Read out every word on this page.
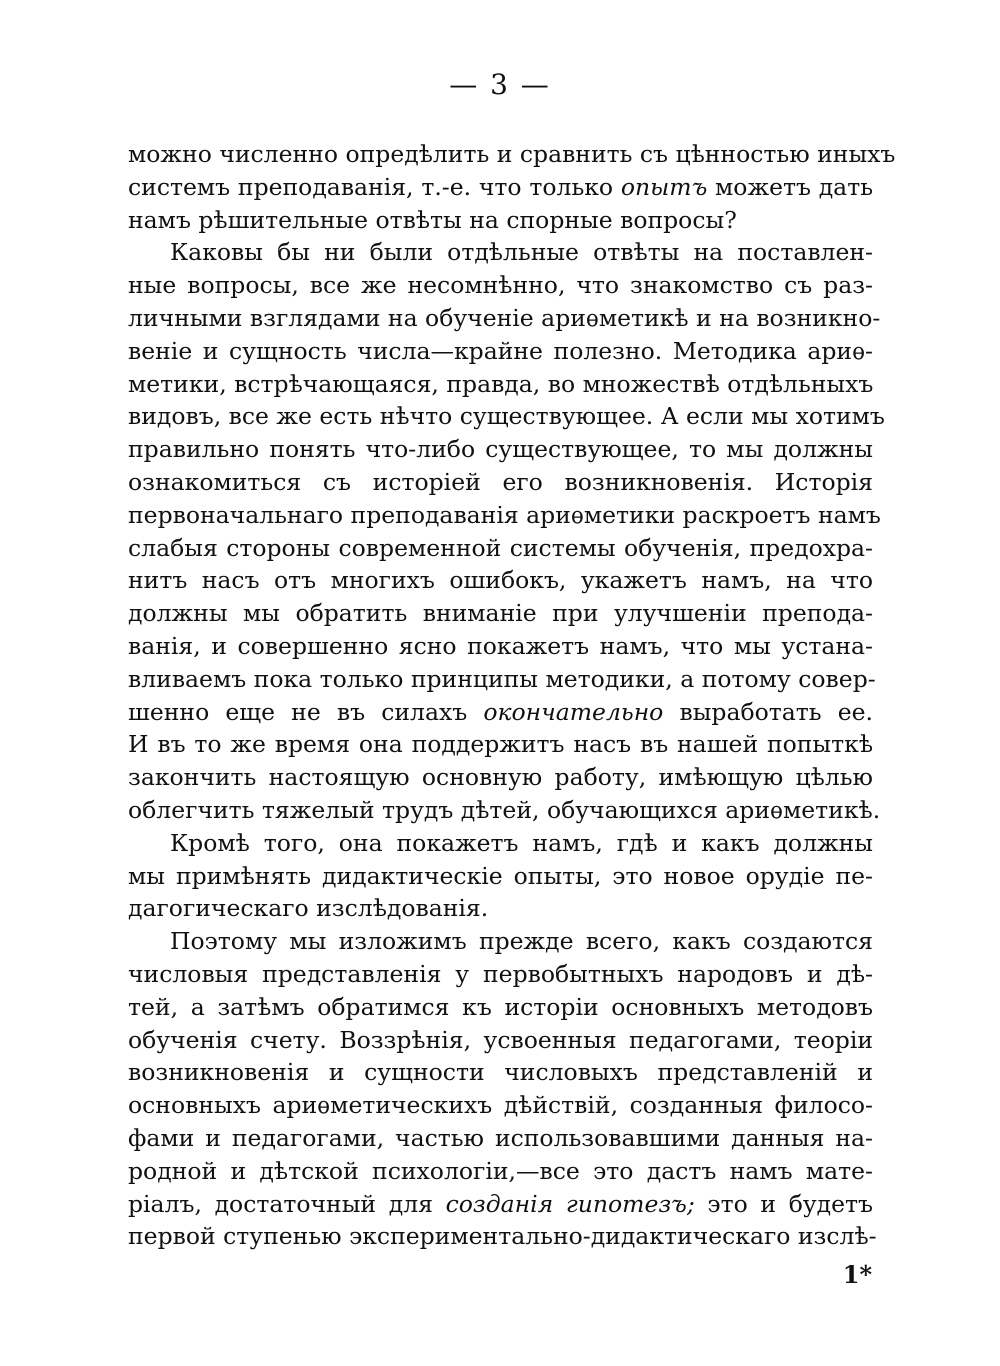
— 3 —
можно численно опредѣлить и сравнить съ цѣнностью иныхъ
системъ преподаванія, т.-е. что только опытъ можетъ дать
намъ рѣшительные отвѣты на спорные вопросы?
Каковы бы ни были отдѣльные отвѣты на поставлен-
ные вопросы, все же несомнѣнно, что знакомство съ раз-
личными взглядами на обученіе ариѳметикѣ и на возникно-
веніе и сущность числа—крайне полезно. Методика ариѳ-
метики, встрѣчающаяся, правда, во множествѣ отдѣльныхъ
видовъ, все же есть нѣчто существующее. А если мы хотимъ
правильно понять что-либо существующее, то мы должны
ознакомиться съ исторіей его возникновенія. Исторія
первоначальнаго преподаванія ариѳметики раскроетъ намъ
слабыя стороны современной системы обученія, предохра-
нитъ насъ отъ многихъ ошибокъ, укажетъ намъ, на что
должны мы обратить вниманіе при улучшеніи препода-
ванія, и совершенно ясно покажетъ намъ, что мы устана-
вливаемъ пока только принципы методики, а потому совер-
шенно еще не въ силахъ окончательно выработать ее.
И въ то же время она поддержитъ насъ въ нашей попыткѣ
закончить настоящую основную работу, имѣющую цѣлью
облегчить тяжелый трудъ дѣтей, обучающихся ариѳметикѣ.
Кромѣ того, она покажетъ намъ, гдѣ и какъ должны
мы примѣнять дидактическіе опыты, это новое орудіе пе-
дагогическаго изслѣдованія.
Поэтому мы изложимъ прежде всего, какъ создаются
числовыя представленія у первобытныхъ народовъ и дѣ-
тей, а затѣмъ обратимся къ исторіи основныхъ методовъ
обученія счету. Воззрѣнія, усвоенныя педагогами, теоріи
возникновенія и сущности числовыхъ представленій и
основныхъ ариѳметическихъ дѣйствій, созданныя филосо-
фами и педагогами, частью использовавшими данныя на-
родной и дѣтской психологіи,—все это дастъ намъ мате-
ріалъ, достаточный для созданія гипотезъ; это и будетъ
первой ступенью экспериментально-дидактическаго изслѣ-
1*
